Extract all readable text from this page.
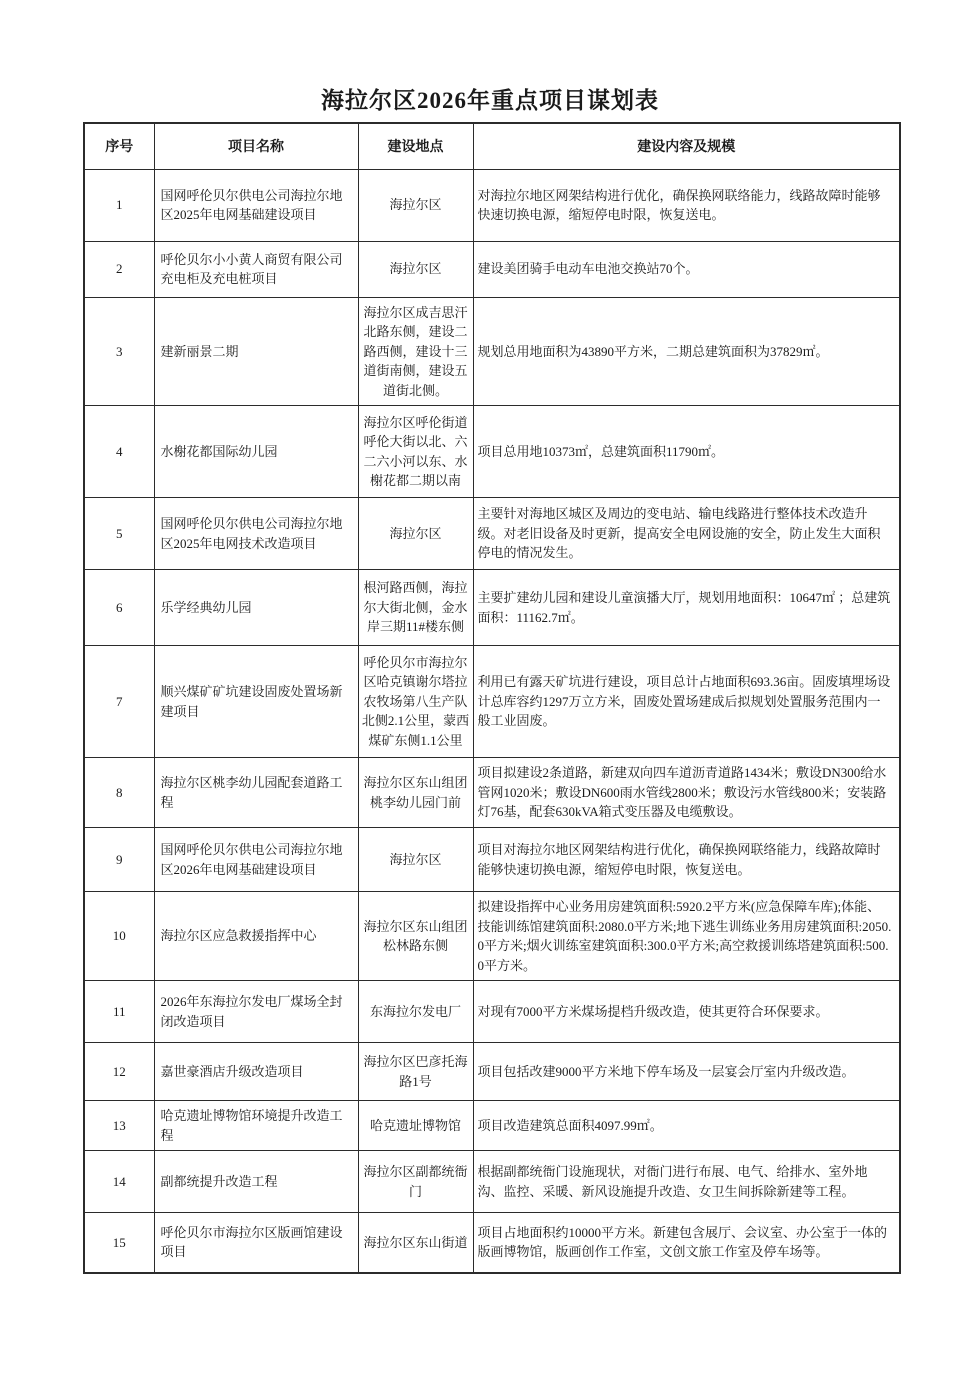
海拉尔区2026年重点项目谋划表
序号	项目名称	建设地点	建设内容及规模
1	国网呼伦贝尔供电公司海拉尔地区2025年电网基础建设项目	海拉尔区	对海拉尔地区网架结构进行优化，确保换网联络能力，线路故障时能够快速切换电源，缩短停电时限，恢复送电。
2	呼伦贝尔小小黄人商贸有限公司充电柜及充电桩项目	海拉尔区	建设美团骑手电动车电池交换站70个。
3	建新丽景二期	海拉尔区成吉思汗北路东侧，建设二路西侧，建设十三道街南侧，建设五道街北侧。	规划总用地面积为43890平方米，二期总建筑面积为37829㎡。
4	水榭花都国际幼儿园	海拉尔区呼伦街道呼伦大街以北、六二六小河以东、水榭花都二期以南	项目总用地10373㎡，总建筑面积11790㎡。
5	国网呼伦贝尔供电公司海拉尔地区2025年电网技术改造项目	海拉尔区	主要针对海地区城区及周边的变电站、输电线路进行整体技术改造升级。对老旧设备及时更新，提高安全电网设施的安全，防止发生大面积停电的情况发生。
6	乐学经典幼儿园	根河路西侧，海拉尔大街北侧，金水岸三期11#楼东侧	主要扩建幼儿园和建设儿童演播大厅，规划用地面积：10647㎡ ；总建筑面积：11162.7㎡。
7	顺兴煤矿矿坑建设固废处置场新建项目	呼伦贝尔市海拉尔区哈克镇谢尔塔拉农牧场第八生产队北侧2.1公里，蒙西煤矿东侧1.1公里	利用已有露天矿坑进行建设，项目总计占地面积693.36亩。固废填埋场设计总库容约1297万立方米，固废处置场建成后拟规划处置服务范围内一般工业固废。
8	海拉尔区桃李幼儿园配套道路工程	海拉尔区东山组团桃李幼儿园门前	项目拟建设2条道路，新建双向四车道沥青道路1434米；敷设DN300给水管网1020米；敷设DN600雨水管线2800米；敷设污水管线800米；安装路灯76基，配套630kVA箱式变压器及电缆敷设。
9	国网呼伦贝尔供电公司海拉尔地区2026年电网基础建设项目	海拉尔区	项目对海拉尔地区网架结构进行优化，确保换网联络能力，线路故障时能够快速切换电源，缩短停电时限，恢复送电。
10	海拉尔区应急救援指挥中心	海拉尔区东山组团松林路东侧	拟建设指挥中心业务用房建筑面积:5920.2平方米(应急保障车库);体能、技能训练馆建筑面积:2080.0平方米;地下逃生训练业务用房建筑面积:2050.0平方米;烟火训练室建筑面积:300.0平方米;高空救援训练塔建筑面积:500.0平方米。
11	2026年东海拉尔发电厂煤场全封闭改造项目	东海拉尔发电厂	对现有7000平方米煤场提档升级改造，使其更符合环保要求。
12	嘉世豪酒店升级改造项目	海拉尔区巴彦托海路1号	项目包括改建9000平方米地下停车场及一层宴会厅室内升级改造。
13	哈克遗址博物馆环境提升改造工程	哈克遗址博物馆	项目改造建筑总面积4097.99㎡。
14	副都统提升改造工程	海拉尔区副都统衙门	根据副都统衙门设施现状，对衙门进行布展、电气、给排水、室外地沟、监控、采暖、新风设施提升改造、女卫生间拆除新建等工程。
15	呼伦贝尔市海拉尔区版画馆建设项目	海拉尔区东山街道	项目占地面积约10000平方米。新建包含展厅、会议室、办公室于一体的版画博物馆，版画创作工作室，文创文旅工作室及停车场等。
